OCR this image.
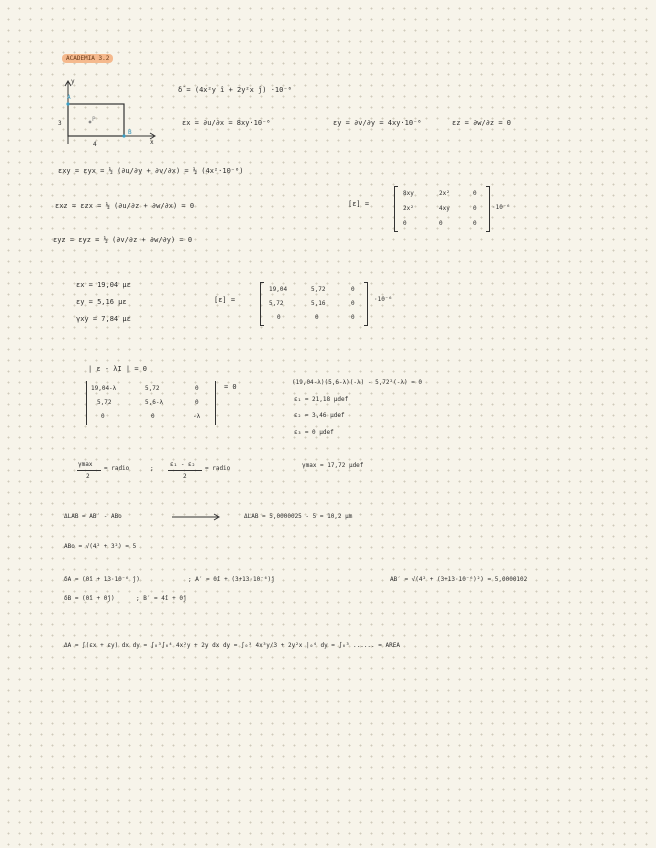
ACADEMIA 3.2
y
x
3
4
A
B
P
δ̄ = (4x²y î + 2y²x ĵ) ·10⁻⁶
εx = ∂u/∂x = 8xy·10⁻⁶	εy = ∂v/∂y = 4xy·10⁻⁶	εz = ∂w/∂z = 0
εxy = εyx = ½ (∂u/∂y + ∂v/∂x) = ½ (4x²·10⁻⁶)
εxz = εzx = ½ (∂u/∂z + ∂w/∂x) = 0
εyz = εyz = ½ (∂v/∂z + ∂w/∂y) = 0
[ε] =
8xy	2x²	0
2x²	4xy	0
0	0	0
·10⁻⁶
εx = 19,04 με
εy = 5,16 με
γxy = 7,84 με
[ε] =
19,04	5,72	0
5,72	5,16	0
0	0	0
·10⁻⁶
| ε - λI | = 0
19,04-λ	5,72	0
5,72	5,6-λ	0
0	0	-λ
= 0
(19,04-λ)(5,6-λ)(-λ) - 5,72²(-λ) = 0
ε₁ = 21,18 μdef
ε₂ = 3,46 μdef
ε₃ = 0 μdef
γmax
2
= radio	;
ε₁ - ε₂
2
= radio	γmax = 17,72 μdef
ΔLAB = AB′ - ABo	ΔLAB = 5,0000025 - 5 = 10,2 μm
ABo = √(4² + 3²) = 5
δA = (0î + 13·10⁻⁶ ĵ)	; A′ = 0î + (3+13·10⁻⁶)ĵ	AB′ = √(4² + (3+13·10⁻⁶)²) = 5,0000102
δB = (0î + 0ĵ)	; B′ = 4î + 0ĵ
ΔA = ∫(εx + εy) dx dy = ∫₀³∫₀⁴ 4x²y + 2y dx dy = ∫₀³ 4x³y/3 + 2y²x |₀⁴ dy = ∫₀³ ...... = AREA
